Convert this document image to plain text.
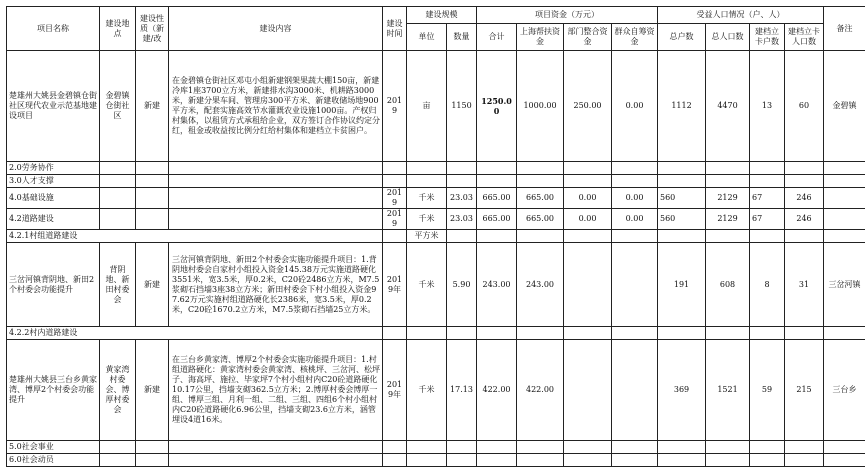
项目名称	建设地点	建设性质（新建/改	建设内容	建设时间	建设规模		项目资金（万元）				受益人口情况（户、人）				备注
					单位	数量	合计	上海帮扶资金	部门整合资金	群众自筹资金	总户数	总人口数	建档立卡户数	建档立卡人口数	
楚雄州大姚县金碧镇仓街社区现代农业示范基地建设项目	金碧镇仓街社区	新建	在金碧镇仓街社区邓屯小组新建钢架果蔬大棚150亩，新建冷库1座3700立方米，新建排水沟3000米、机耕路3000米，新建分果车间、管理房300平方米、新建收储场地900平方米，配套实施高效节水灌溉农业设施1000亩。产权归村集体，以租赁方式承租给企业，双方签订合作协议约定分红，租金或收益按比例分红给村集体和建档立卡贫困户。	2019	亩	1150	1250.00	1000.00	250.00	0.00	1112	4470	13	60	金碧镇
2.0劳务协作															
3.0人才支撑															
4.0基础设施				2019	千米	23.03	665.00	665.00	0.00	0.00	560	2129	67	246	
4.2道路建设				2019	千米	23.03	665.00	665.00	0.00	0.00	560	2129	67	246	
4.2.1村组道路建设					平方米										
三岔河镇背阴地、新田2个村委会功能提升	背阴地、新田村委会	新建	三岔河镇背阴地、新田2个村委会实施功能提升项目：1.背阴地村委会自家村小组投入资金145.38万元实施道路硬化3551米，宽3.5米，厚0.2米，C20砼2486立方米，M7.5浆砌石挡墙3座38立方米；新田村委会下村小组投入资金97.62万元实施村组道路硬化长2386米，宽3.5米，厚0.2米，C20砼1670.2立方米，M7.5浆砌石挡墙25立方米。	2019年	千米	5.90	243.00	243.00			191	608	8	31	三岔河镇
4.2.2村内道路建设															
楚雄州大姚县三台乡黄家湾、博厚2个村委会功能提升	黄家湾村委会、博厚村委会	新建	在三台乡黄家湾、博厚2个村委会实施功能提升项目：1.村组道路硬化：黄家湾村委会黄家湾、核桃坪、三岔河、松坪子、海高坪、施拉、毕家坪7个村小组村内C20砼道路硬化10.17公里，挡墙支砌362.5立方米；2.博厚村委会博厚一组、博厚三组、月利一组、二组、三组、四组6个村小组村内C20砼道路硬化6.96公里，挡墙支砌23.6立方米，涵管埋设4道16米。	2019年	千米	17.13	422.00	422.00			369	1521	59	215	三台乡
5.0社会事业															
6.0社会动员															
